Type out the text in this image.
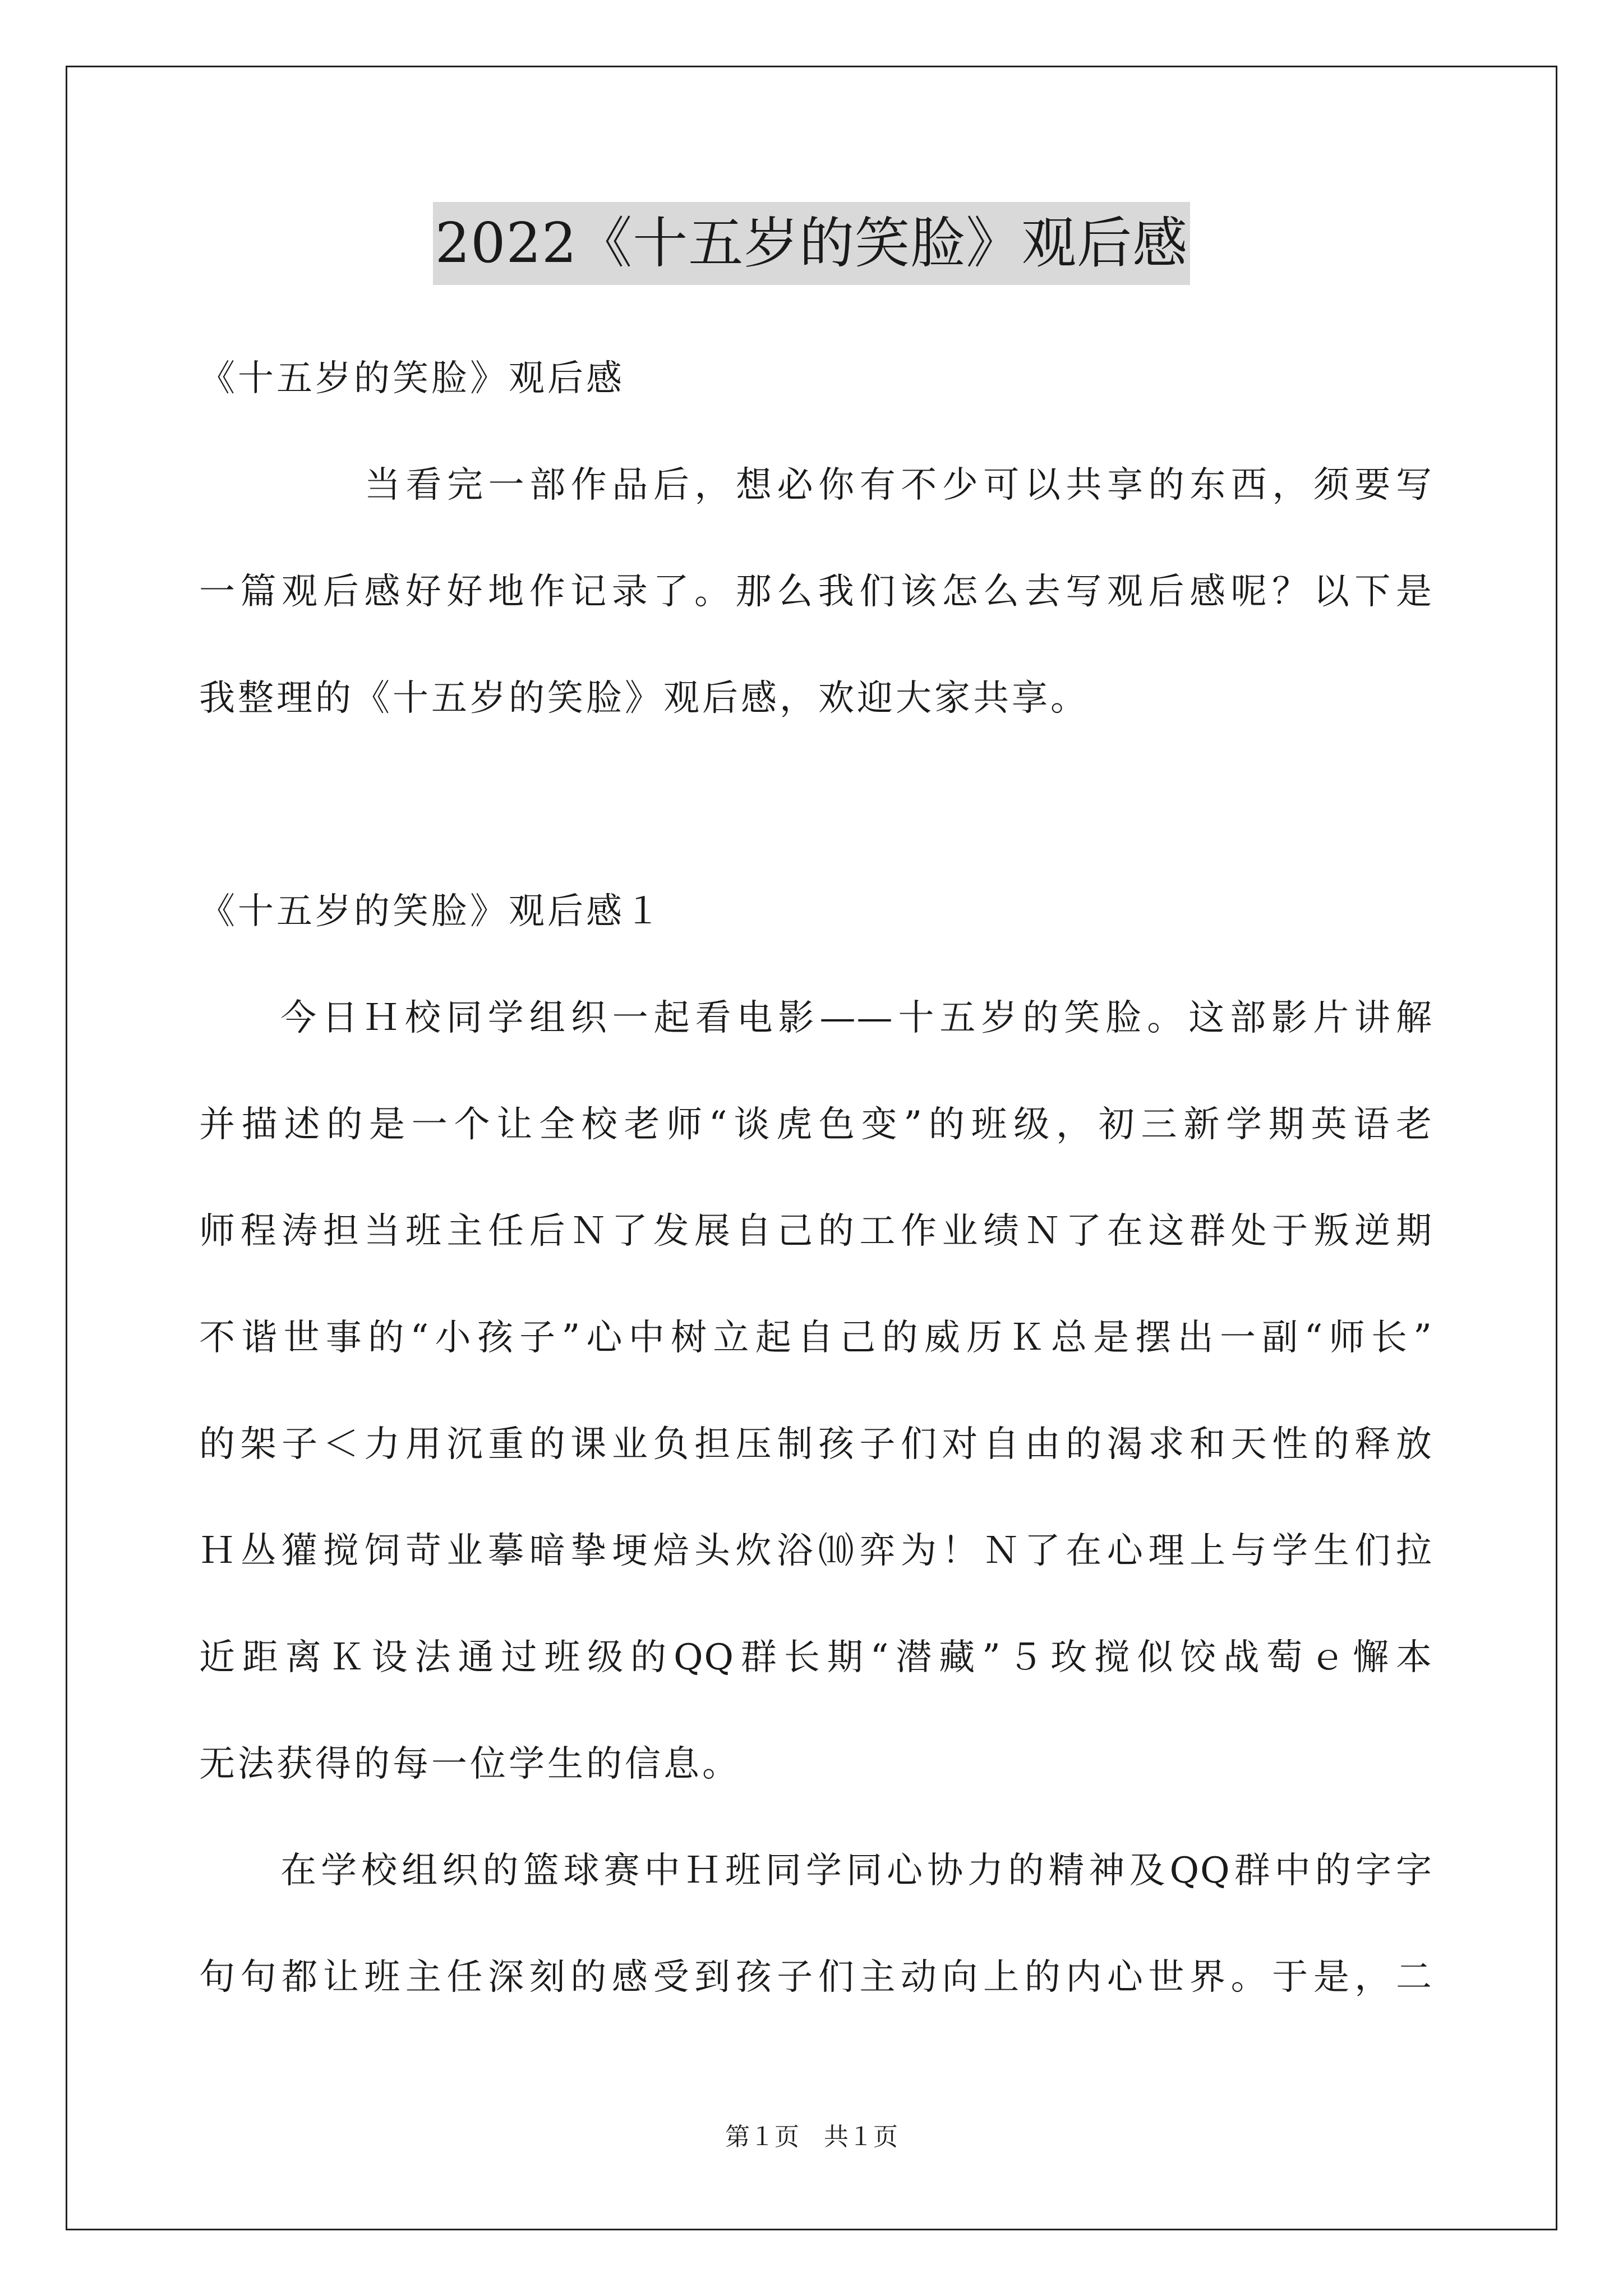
2022《十五岁的笑脸》观后感
《十五岁的笑脸》观后感
当看完一部作品后，想必你有不少可以共享的东西，须要写
一篇观后感好好地作记录了。那么我们该怎么去写观后感呢？以下是
我整理的《十五岁的笑脸》观后感，欢迎大家共享。
《十五岁的笑脸》观后感１
今日Ｈ校同学组织一起看电影——十五岁的笑脸。这部影片讲解
并描述的是一个让全校老师“谈虎色变”的班级，初三新学期英语老
师程涛担当班主任后Ｎ了发展自己的工作业绩Ｎ了在这群处于叛逆期
不谐世事的“小孩子”心中树立起自己的威历Ｋ总是摆出一副“师长”
的架子＜力用沉重的课业负担压制孩子们对自由的渴求和天性的释放
Ｈ丛獾搅饲苛业摹暗挚埂焙头炊浴⑽弈为！Ｎ了在心理上与学生们拉
近距离Ｋ设法通过班级的QQ群长期“潜藏”５玫搅似饺战萄ｅ懈本
无法获得的每一位学生的信息。
在学校组织的篮球赛中Ｈ班同学同心协力的精神及QQ群中的字字
句句都让班主任深刻的感受到孩子们主动向上的内心世界。于是，二
第１页 共１页
